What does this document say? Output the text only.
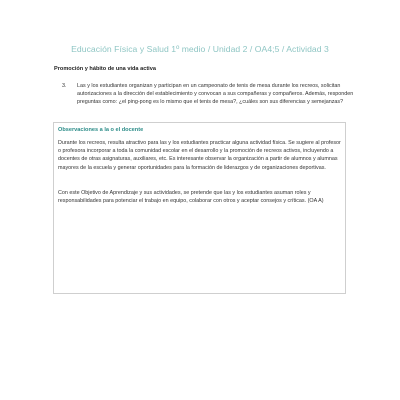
Educación Física y Salud 1º medio / Unidad 2 / OA4;5 / Actividad 3
Promoción y hábito de una vida activa
3. Las y los estudiantes organizan y participan en un campeonato de tenis de mesa durante los recreos, solicitan autorizaciones a la dirección del establecimiento y convocan a sus compañeras y compañeros. Además, responden preguntas como: ¿el ping-pong es lo mismo que el tenis de mesa?, ¿cuáles son sus diferencias y semejanzas?
Observaciones a la o el docente
Durante los recreos, resulta atractivo para las y los estudiantes practicar alguna actividad física. Se sugiere al profesor o profesora incorporar a toda la comunidad escolar en el desarrollo y la promoción de recreos activos, incluyendo a docentes de otras asignaturas, auxiliares, etc. Es interesante observar la organización a partir de alumnos y alumnas mayores de la escuela y generar oportunidades para la formación de liderazgos y de organizaciones deportivas.
Con este Objetivo de Aprendizaje y sus actividades, se pretende que las y los estudiantes asuman roles y responsabilidades para potenciar el trabajo en equipo, colaborar con otros y aceptar consejos y críticas. (OA A)
